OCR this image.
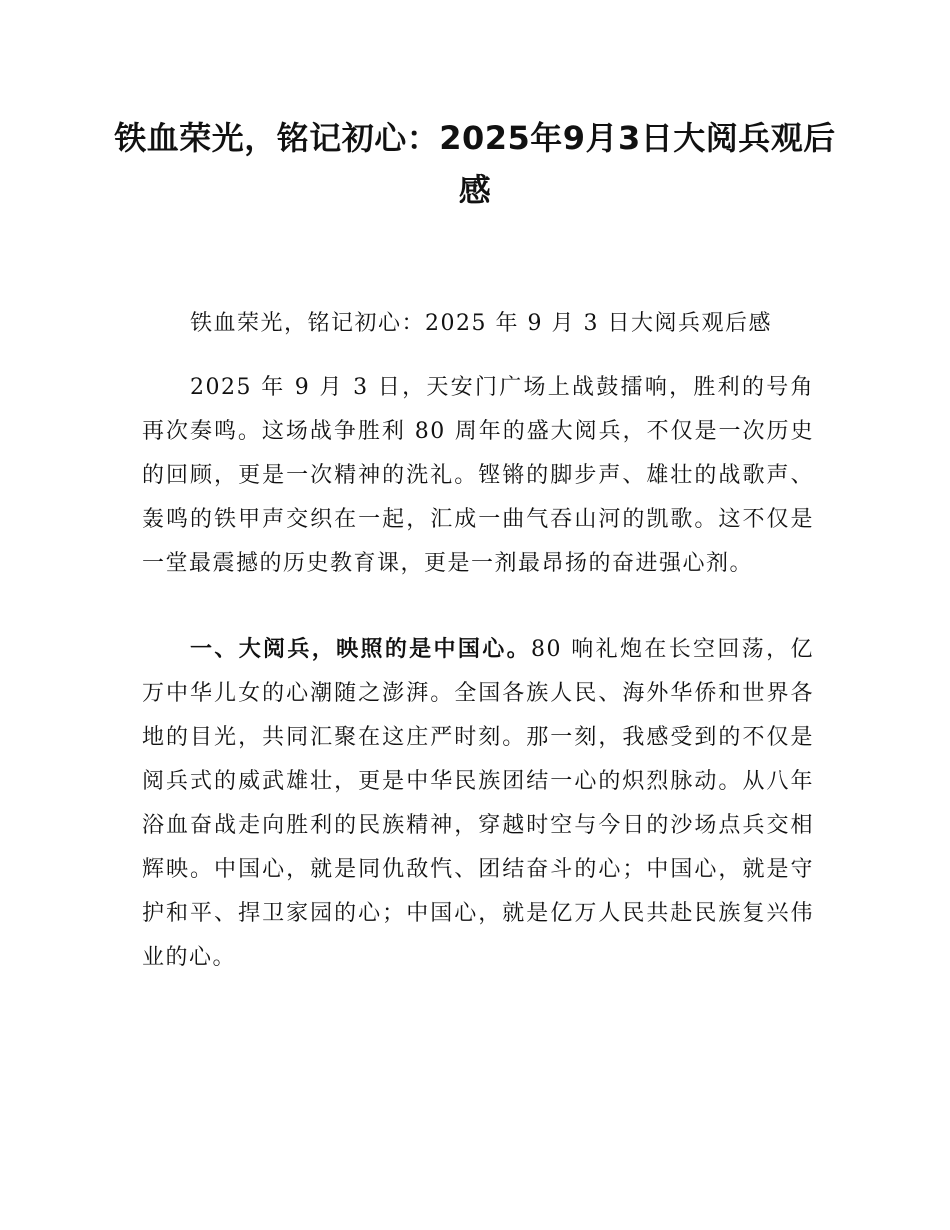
铁血荣光，铭记初心：2025年9月3日大阅兵观后感

铁血荣光，铭记初心：2025 年 9 月 3 日大阅兵观后感

2025 年 9 月 3 日，天安门广场上战鼓擂响，胜利的号角再次奏鸣。这场战争胜利 80 周年的盛大阅兵，不仅是一次历史的回顾，更是一次精神的洗礼。铿锵的脚步声、雄壮的战歌声、轰鸣的铁甲声交织在一起，汇成一曲气吞山河的凯歌。这不仅是一堂最震撼的历史教育课，更是一剂最昂扬的奋进强心剂。

一、大阅兵，映照的是中国心。80 响礼炮在长空回荡，亿万中华儿女的心潮随之澎湃。全国各族人民、海外华侨和世界各地的目光，共同汇聚在这庄严时刻。那一刻，我感受到的不仅是阅兵式的威武雄壮，更是中华民族团结一心的炽烈脉动。从八年浴血奋战走向胜利的民族精神，穿越时空与今日的沙场点兵交相辉映。中国心，就是同仇敌忾、团结奋斗的心；中国心，就是守护和平、捍卫家园的心；中国心，就是亿万人民共赴民族复兴伟业的心。
